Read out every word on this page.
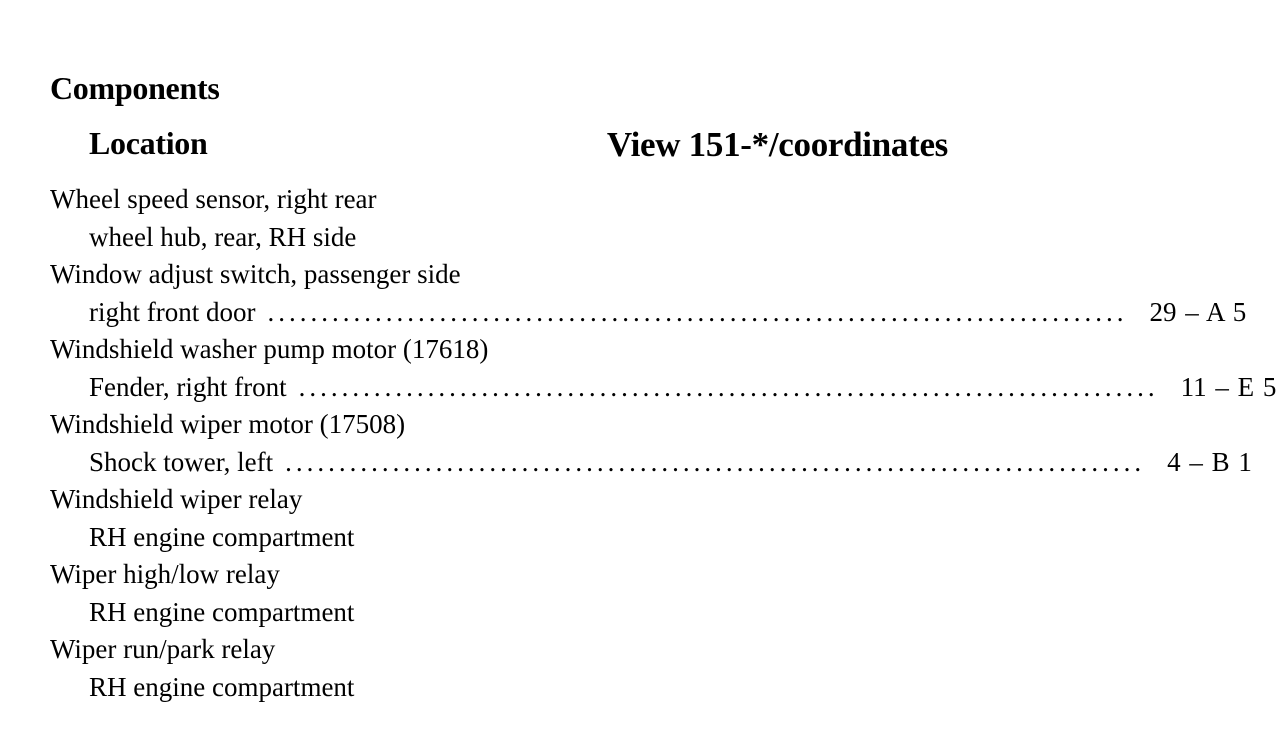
Components
Location	View 151-*/coordinates
Wheel speed sensor, right rear
wheel hub, rear, RH side
Window adjust switch, passenger side
right front door ................................................................................ 29 – A 5
Windshield washer pump motor (17618)
Fender, right front ................................................................................ 11 – E 5
Windshield wiper motor (17508)
Shock tower, left ................................................................................ 4 – B 1
Windshield wiper relay
RH engine compartment
Wiper high/low relay
RH engine compartment
Wiper run/park relay
RH engine compartment
